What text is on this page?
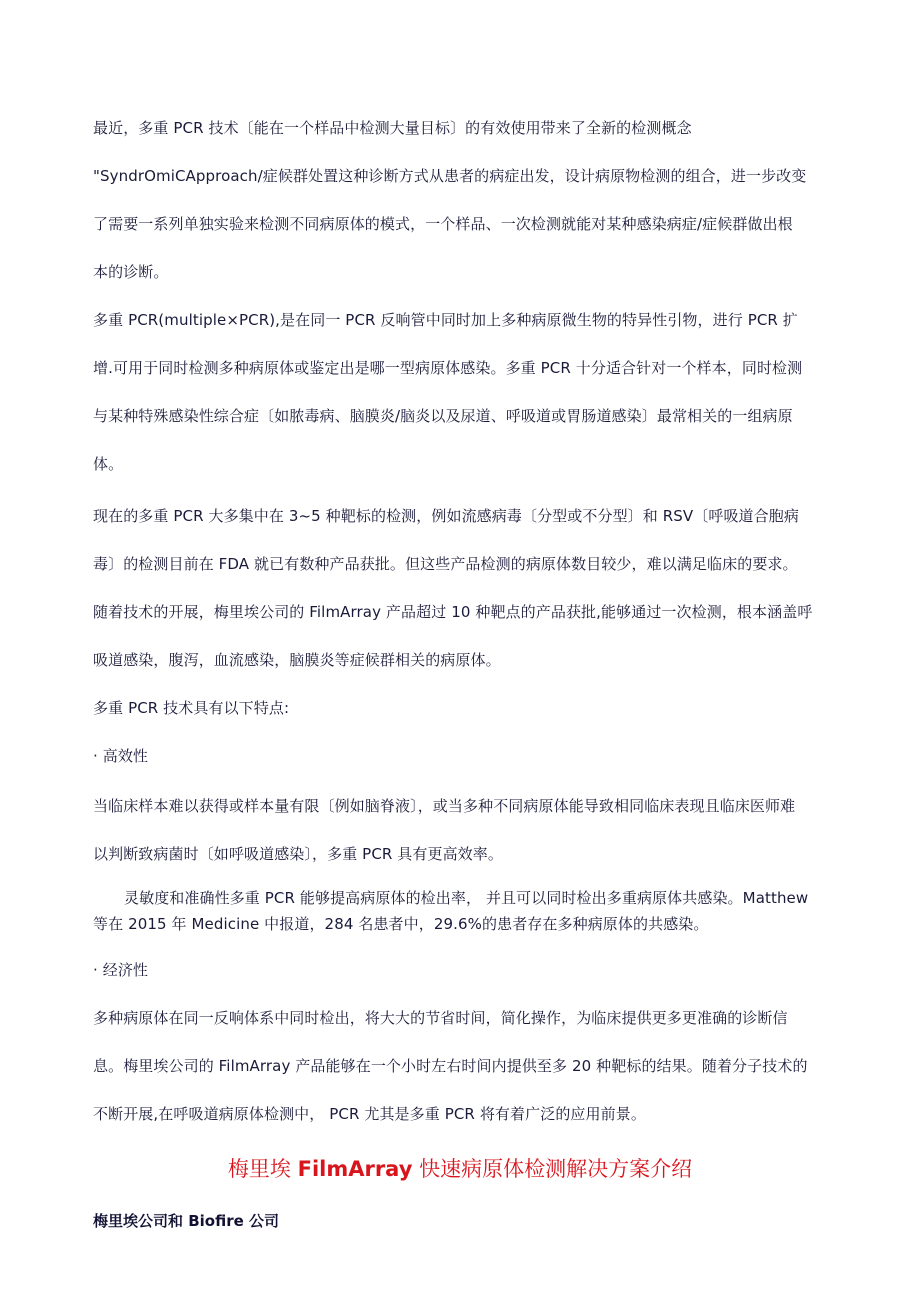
最近，多重 PCR 技术〔能在一个样品中检测大量目标〕的有效使用带来了全新的检测概念
"SyndrOmiCApproach/症候群处置这种诊断方式从患者的病症出发，设计病原物检测的组合，进一步改变
了需要一系列单独实验来检测不同病原体的模式，一个样品、一次检测就能对某种感染病症/症候群做出根
本的诊断。
多重 PCR(multiple×PCR),是在同一 PCR 反响管中同时加上多种病原微生物的特异性引物，进行 PCR 扩
增.可用于同时检测多种病原体或鉴定出是哪一型病原体感染。多重 PCR 十分适合针对一个样本，同时检测
与某种特殊感染性综合症〔如脓毒病、脑膜炎/脑炎以及尿道、呼吸道或胃肠道感染〕最常相关的一组病原
体。
现在的多重 PCR 大多集中在 3~5 种靶标的检测，例如流感病毒〔分型或不分型〕和 RSV〔呼吸道合胞病
毒〕的检测目前在 FDA 就已有数种产品获批。但这些产品检测的病原体数目较少，难以满足临床的要求。
随着技术的开展，梅里埃公司的 FilmArray 产品超过 10 种靶点的产品获批,能够通过一次检测，根本涵盖呼
吸道感染，腹泻，血流感染，脑膜炎等症候群相关的病原体。
多重 PCR 技术具有以下特点:
· 高效性
当临床样本难以获得或样本量有限〔例如脑脊液〕，或当多种不同病原体能导致相同临床表现且临床医师难
以判断致病菌时〔如呼吸道感染〕，多重 PCR 具有更高效率。
灵敏度和准确性多重 PCR 能够提高病原体的检出率， 并且可以同时检出多重病原体共感染。Matthew
等在 2015 年 Medicine 中报道，284 名患者中，29.6%的患者存在多种病原体的共感染。
· 经济性
多种病原体在同一反响体系中同时检出，将大大的节省时间，简化操作，为临床提供更多更准确的诊断信
息。梅里埃公司的 FilmArray 产品能够在一个小时左右时间内提供至多 20 种靶标的结果。随着分子技术的
不断开展,在呼吸道病原体检测中， PCR 尤其是多重 PCR 将有着广泛的应用前景。
梅里埃 FilmArray 快速病原体检测解决方案介绍
梅里埃公司和 Biofire 公司
